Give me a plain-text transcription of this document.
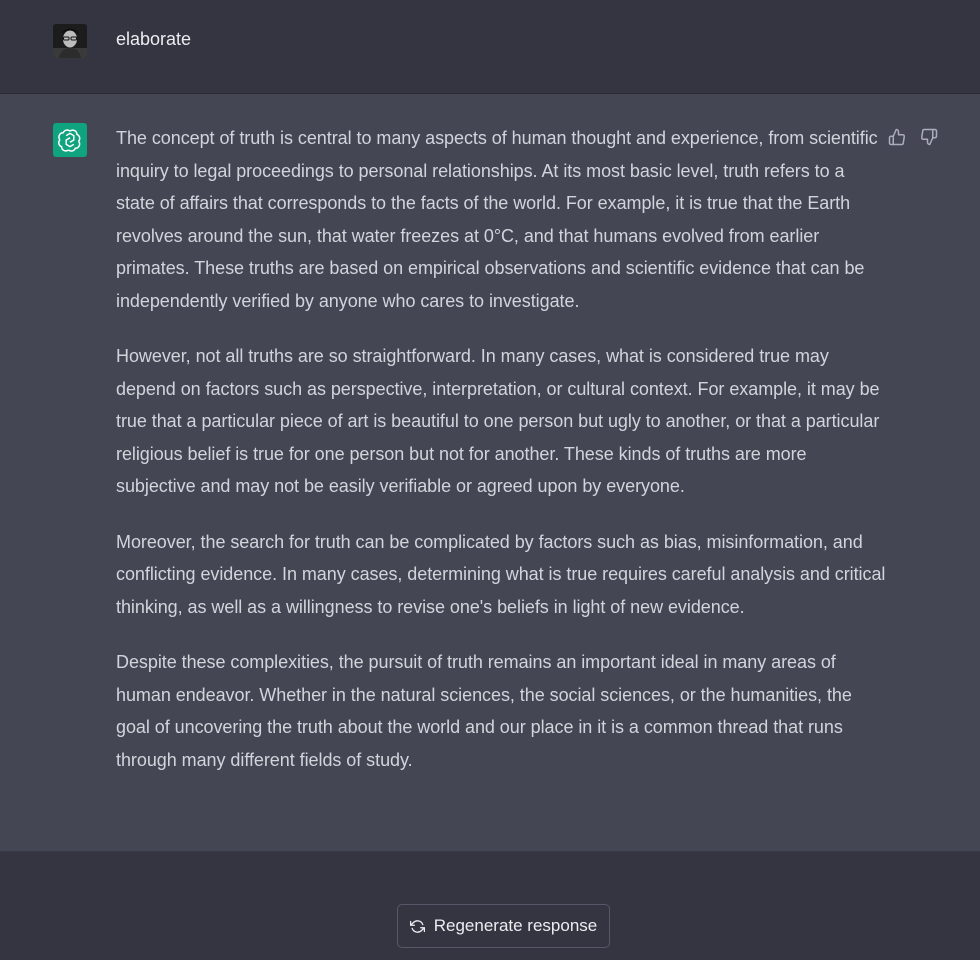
elaborate

The concept of truth is central to many aspects of human thought and experience, from scientific inquiry to legal proceedings to personal relationships. At its most basic level, truth refers to a state of affairs that corresponds to the facts of the world. For example, it is true that the Earth revolves around the sun, that water freezes at 0°C, and that humans evolved from earlier primates. These truths are based on empirical observations and scientific evidence that can be independently verified by anyone who cares to investigate.

However, not all truths are so straightforward. In many cases, what is considered true may depend on factors such as perspective, interpretation, or cultural context. For example, it may be true that a particular piece of art is beautiful to one person but ugly to another, or that a particular religious belief is true for one person but not for another. These kinds of truths are more subjective and may not be easily verifiable or agreed upon by everyone.

Moreover, the search for truth can be complicated by factors such as bias, misinformation, and conflicting evidence. In many cases, determining what is true requires careful analysis and critical thinking, as well as a willingness to revise one's beliefs in light of new evidence.

Despite these complexities, the pursuit of truth remains an important ideal in many areas of human endeavor. Whether in the natural sciences, the social sciences, or the humanities, the goal of uncovering the truth about the world and our place in it is a common thread that runs through many different fields of study.

Regenerate response
